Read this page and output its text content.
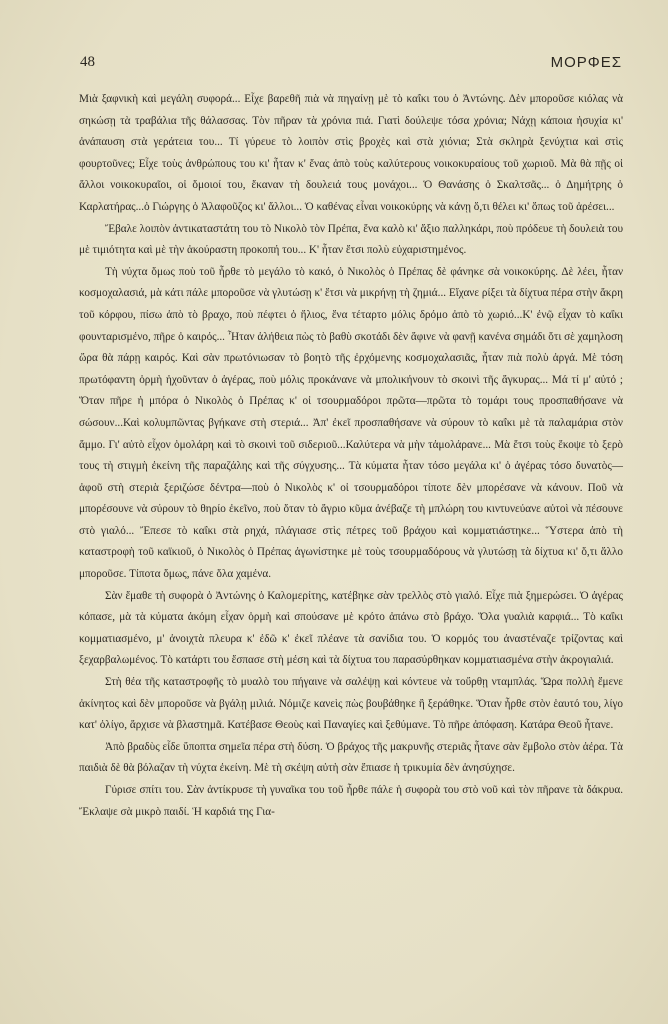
48	ΜΟΡΦΕΣ

Μιὰ ξαφνικὴ καὶ μεγάλη συφορά... Εἶχε βαρεθῆ πιὰ νὰ πηγαίνῃ μὲ τὸ καΐκι του ὁ Ἀντώνης. Δὲν μποροῦσε κιόλας νὰ σηκώσῃ τὰ τραβάλια τῆς θάλασσας. Τὸν πῆραν τὰ χρόνια πιά. Γιατὶ δούλεψε τόσα χρόνια; Νάχῃ κάποια ἡσυχία κι' ἀνάπαυση στὰ γεράτεια του... Τί γύρευε τὸ λοιπὸν στὶς βροχὲς καὶ στὰ χιόνια; Στὰ σκληρὰ ξενύχτια καὶ στὶς φουρτοῦνες; Εἶχε τοὺς ἀνθρώπους του κι' ἦταν κ' ἕνας ἀπὸ τοὺς καλύτερους νοικοκυραίους τοῦ χωριοῦ. Μὰ θὰ πῇς οἱ ἄλλοι νοικοκυραῖοι, οἱ ὅμοιοί του, ἔκαναν τὴ δουλειά τους μονάχοι... Ὁ Θανάσης ὁ Σκαλτσᾶς... ὁ Δημήτρης ὁ Καρλατήρας...ὁ Γιώργης ὁ Ἀλαφοῦζος κι' ἄλλοι... Ὁ καθένας εἶναι νοικοκύρης νὰ κάνῃ ὅ,τι θέλει κι' ὅπως τοῦ ἀρέσει...

Ἔβαλε λοιπὸν ἀντικαταστάτη του τὸ Νικολὸ τὸν Πρέπα, ἕνα καλὸ κι' ἄξιο παλληκάρι, ποὺ πρόδευε τὴ δουλειὰ του μὲ τιμιότητα καὶ μὲ τὴν ἀκούραστη προκοπή του... Κ' ἦταν ἔτσι πολὺ εὐχαριστημένος.

Τὴ νύχτα ὅμως ποὺ τοῦ ἦρθε τὸ μεγάλο τὸ κακό, ὁ Νικολὸς ὁ Πρέπας δὲ φάνηκε σὰ νοικοκύρης. Δὲ λέει, ἦταν κοσμοχαλασιά, μὰ κάτι πάλε μποροῦσε νὰ γλυτώσῃ κ' ἔτσι νὰ μικρήνῃ τὴ ζημιά... Εἴχανε ρίξει τὰ δίχτυα πέρα στὴν ἄκρη τοῦ κόρφου, πίσω ἀπὸ τὸ βραχο, ποὺ πέφτει ὁ ἥλιος, ἕνα τέταρτο μόλις δρόμο ἀπὸ τὸ χωριό...Κ' ἐνῷ εἶχαν τὸ καΐκι φουνταρισμένο, πῆρε ὁ καιρός... Ἦταν ἀλήθεια πὼς τὸ βαθὺ σκοτάδι δὲν ἄφινε νὰ φανῇ κανένα σημάδι ὅτι σὲ χαμηλοση ὥρα θὰ πάρῃ καιρός. Καὶ σὰν πρωτόνιωσαν τὸ βοητὸ τῆς ἐρχόμενης κοσμοχαλασιᾶς, ἦταν πιὰ πολὺ ἀργά. Μὲ τόση πρωτόφαντη ὁρμὴ ἠχοῦνταν ὁ ἀγέρας, ποὺ μόλις προκάνανε νὰ μπολικήνουν τὸ σκοινὶ τῆς ἄγκυρας... Μά τί μ' αὐτό ; Ὅταν πῆρε ἡ μπόρα ὁ Νικολὸς ὁ Πρέπας κ' οἱ τσουρμαδόροι πρῶτα—πρῶτα τὸ τομάρι τους προσπαθήσανε νὰ σώσουν...Καὶ κολυμπῶντας βγήκανε στὴ στεριά... Ἀπ' ἐκεῖ προσπαθήσανε νὰ σύρουν τὸ καΐκι μὲ τὰ παλαμάρια στὸν ἄμμο. Γι' αὐτὸ εἶχον ὁμολάρη καὶ τὸ σκοινὶ τοῦ σιδεριοῦ...Καλύτερα νὰ μὴν τἀμολάρανε... Μὰ ἔτσι τοὺς ἔκοψε τὸ ξερὸ τους τὴ στιγμὴ ἐκείνη τῆς παραζάλης καὶ τῆς σύγχυσης... Τὰ κύματα ἦταν τόσο μεγάλα κι' ὁ ἀγέρας τόσο δυνατὸς—ἀφοῦ στὴ στεριὰ ξεριζώσε δέντρα—ποὺ ὁ Νικολὸς κ' οἱ τσουρμαδόροι τίποτε δὲν μπορέσανε νὰ κάνουν. Ποῦ νὰ μπορέσουνε νὰ σύρουν τὸ θηρίο ἐκεῖνο, ποὺ ὅταν τὸ ἄγριο κῦμα ἀνέβαζε τὴ μπλώρη του κιντυνεύανε αὐτοὶ νὰ πέσουνε στὸ γιαλό... Ἔπεσε τὸ καΐκι στὰ ρηχά, πλάγιασε στὶς πέτρες τοῦ βράχου καὶ κομματιάστηκε... Ὕστερα ἀπὸ τὴ καταστροφὴ τοῦ καϊκιοῦ, ὁ Νικολὸς ὁ Πρέπας ἀγωνίστηκε μὲ τοὺς τσουρμαδόρους νὰ γλυτώσῃ τὰ δίχτυα κι' ὅ,τι ἄλλο μποροῦσε. Τίποτα ὅμως, πάνε ὅλα χαμένα.

Σὰν ἔμαθε τὴ συφορὰ ὁ Ἀντώνης ὁ Καλομερίτης, κατέβηκε σὰν τρελλὸς στὸ γιαλό. Εἶχε πιὰ ξημερώσει. Ὁ ἀγέρας κόπασε, μὰ τὰ κύματα ἀκόμη εἶχαν ὁρμὴ καὶ σπούσανε μὲ κρότο ἀπάνω στὸ βράχο. Ὅλα γυαλιὰ καρφιά... Τὸ καΐκι κομματιασμένο, μ' ἀνοιχτὰ πλευρα κ' ἐδῶ κ' ἐκεῖ πλέανε τὰ σανίδια του. Ὁ κορμός του ἀναστέναζε τρίζοντας καὶ ξεχαρβαλωμένος. Τὸ κατάρτι του ἔσπασε στὴ μέση καὶ τὰ δίχτυα του παρασύρθηκαν κομματιασμένα στὴν ἀκρογιαλιά.

Στὴ θέα τῆς καταστροφῆς τὸ μυαλὸ του πήγαινε νὰ σαλέψῃ καὶ κόντευε νὰ τοὔρθῃ νταμπλάς. Ὥρα πολλὴ ἔμενε ἀκίνητος καὶ δὲν μποροῦσε νὰ βγάλῃ μιλιά. Νόμιζε κανεὶς πὼς βουβάθηκε ἢ ξεράθηκε. Ὅταν ἦρθε στὸν ἑαυτό του, λίγο κατ' ὀλίγο, ἄρχισε νὰ βλαστημᾶ. Κατέβασε Θεοὺς καὶ Παναγίες καὶ ξεθύμανε. Τὸ πῆρε ἀπόφαση. Κατάρα Θεοῦ ἦτανε.

Ἀπὸ βραδὺς εἶδε ὕποπτα σημεῖα πέρα στὴ δύση. Ὁ βράχος τῆς μακρυνῆς στεριᾶς ἦτανε σὰν ἔμβολο στὸν ἀέρα. Τὰ παιδιὰ δὲ θὰ βόλαζαν τὴ νύχτα ἐκείνη. Μὲ τὴ σκέψη αὐτὴ σὰν ἔπιασε ἡ τρικυμία δὲν ἀνησύχησε.

Γύρισε σπίτι του. Σὰν ἀντίκρυσε τὴ γυναῖκα του τοῦ ἦρθε πάλε ἡ συφορὰ του στὸ νοῦ καὶ τὸν πῆρανε τὰ δάκρυα. Ἔκλαψε σὰ μικρὸ παιδί. Ἡ καρδιά της Για-
